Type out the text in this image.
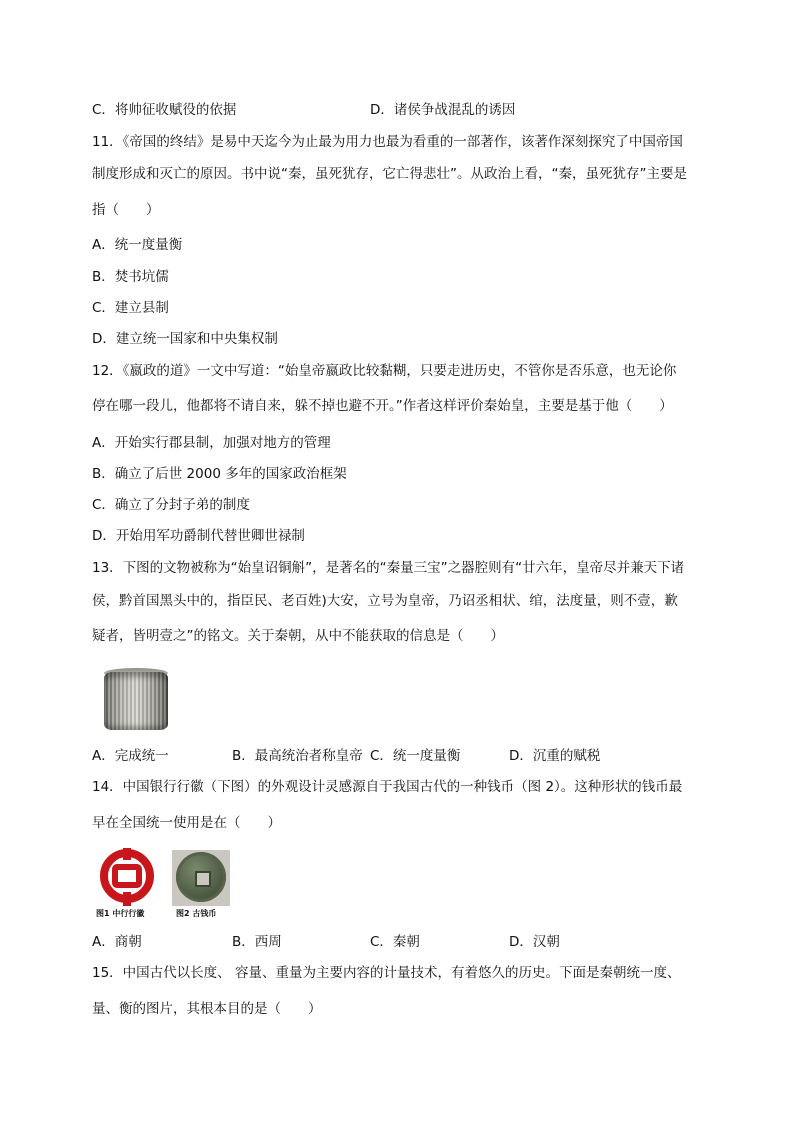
C．将帅征收赋役的依据	D．诸侯争战混乱的诱因
11．《帝国的终结》是易中天迄今为止最为用力也最为看重的一部著作，该著作深刻探究了中国帝国
制度形成和灭亡的原因。书中说“秦，虽死犹存，它亡得悲壮”。从政治上看，“秦，虽死犹存”主要是
指（　　）
A．统一度量衡
B．焚书坑儒
C．建立县制
D．建立统一国家和中央集权制
12．《嬴政的道》一文中写道：“始皇帝嬴政比较黏糊，只要走进历史，不管你是否乐意，也无论你
停在哪一段儿，他都将不请自来，躲不掉也避不开。”作者这样评价秦始皇，主要是基于他（　　）
A．开始实行郡县制，加强对地方的管理
B．确立了后世 2000 多年的国家政治框架
C．确立了分封子弟的制度
D．开始用军功爵制代替世卿世禄制
13．下图的文物被称为“始皇诏铜斛”，是著名的“秦量三宝”之器腔则有“廿六年，皇帝尽并兼天下诸
侯，黔首国黑头中的，指臣民、老百姓)大安，立号为皇帝，乃诏丞相状、绾，法度量，则不壹，歉
疑者，皆明壹之”的铭文。关于秦朝，从中不能获取的信息是（　　）
A．完成统一	B．最高统治者称皇帝 C．统一度量衡	D．沉重的赋税
14．中国银行行徽（下图）的外观设计灵感源自于我国古代的一种钱币（图 2）。这种形状的钱币最
早在全国统一使用是在（　　）
图1 中行行徽	图2 古钱币
A．商朝	B．西周	C．秦朝	D．汉朝
15．中国古代以长度、 容量、重量为主要内容的计量技术，有着悠久的历史。下面是秦朝统一度、
量、衡的图片，其根本目的是（　　）
